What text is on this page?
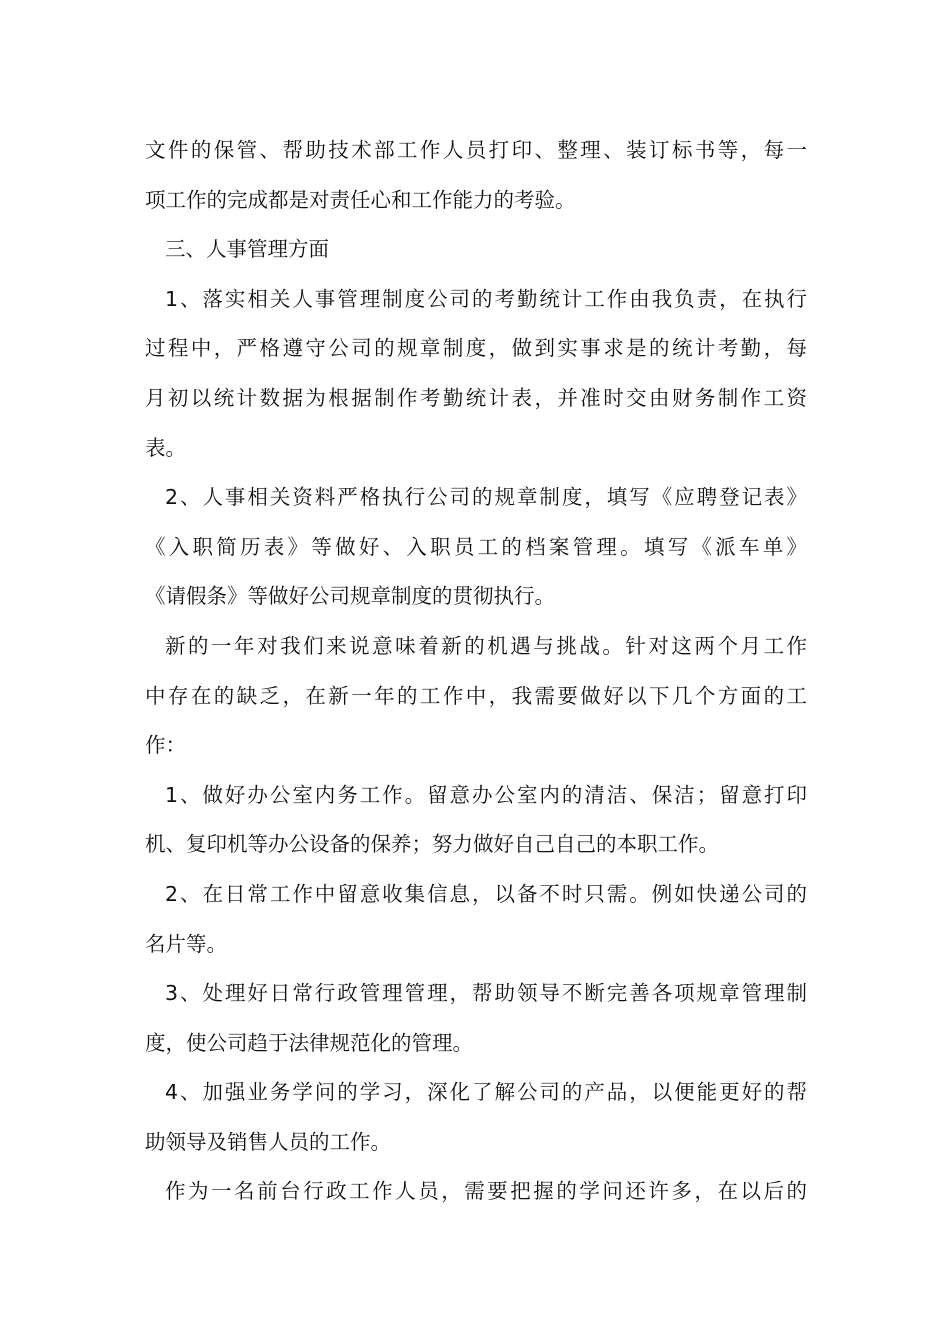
文件的保管、帮助技术部工作人员打印、整理、装订标书等，每一
项工作的完成都是对责任心和工作能力的考验。
三、人事管理方面
1、落实相关人事管理制度公司的考勤统计工作由我负责，在执行
过程中，严格遵守公司的规章制度，做到实事求是的统计考勤，每
月初以统计数据为根据制作考勤统计表，并准时交由财务制作工资
表。
2、人事相关资料严格执行公司的规章制度，填写《应聘登记表》
《入职简历表》等做好、入职员工的档案管理。填写《派车单》
《请假条》等做好公司规章制度的贯彻执行。
新的一年对我们来说意味着新的机遇与挑战。针对这两个月工作
中存在的缺乏，在新一年的工作中，我需要做好以下几个方面的工
作：
1、做好办公室内务工作。留意办公室内的清洁、保洁；留意打印
机、复印机等办公设备的保养；努力做好自己自己的本职工作。
2、在日常工作中留意收集信息，以备不时只需。例如快递公司的
名片等。
3、处理好日常行政管理管理，帮助领导不断完善各项规章管理制
度，使公司趋于法律规范化的管理。
4、加强业务学问的学习，深化了解公司的产品，以便能更好的帮
助领导及销售人员的工作。
作为一名前台行政工作人员，需要把握的学问还许多，在以后的
